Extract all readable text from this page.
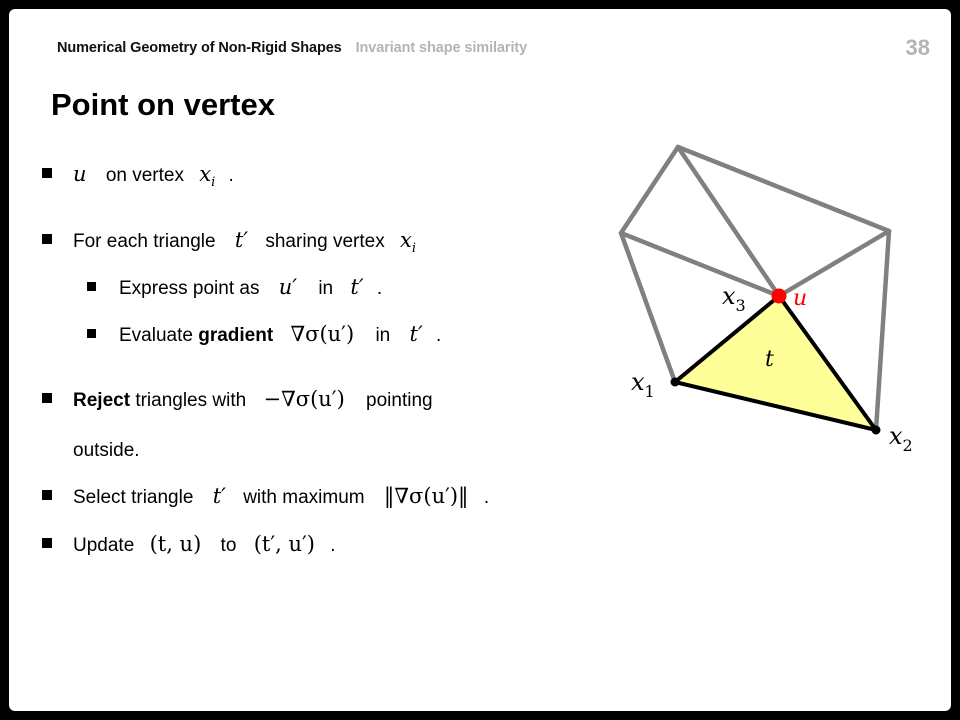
Numerical Geometry of Non-Rigid Shapes Invariant shape similarity	38
Point on vertex
u on vertex $x_i$ .
For each triangle t′ sharing vertex $x_i$
Express point as u′ in t′ .
Evaluate gradient ∇σ(u′) in t′ .
Reject triangles with −∇σ(u′) pointing
outside.
Select triangle t′ with maximum ‖∇σ(u′)‖ .
Update (t, u) to (t′, u′) .
$x_1$
$x_2$
$x_3$ u
t
